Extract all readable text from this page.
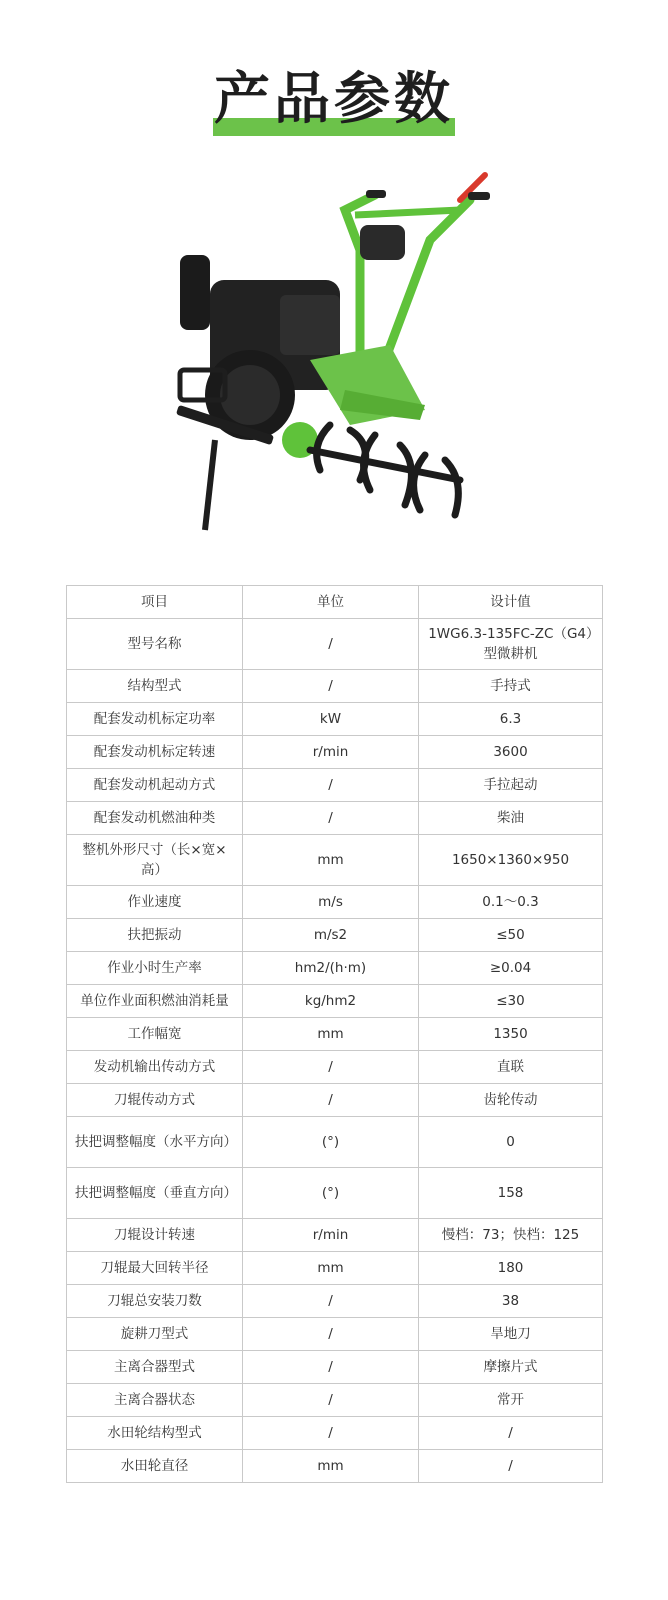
产品参数
项目	单位	设计值
型号名称	/	1WG6.3-135FC-ZC（G4）型微耕机
结构型式	/	手持式
配套发动机标定功率	kW	6.3
配套发动机标定转速	r/min	3600
配套发动机起动方式	/	手拉起动
配套发动机燃油种类	/	柴油
整机外形尺寸（长×宽×高）	mm	1650×1360×950
作业速度	m/s	0.1～0.3
扶把振动	m/s2	≤50
作业小时生产率	hm2/(h·m)	≥0.04
单位作业面积燃油消耗量	kg/hm2	≤30
工作幅宽	mm	1350
发动机输出传动方式	/	直联
刀辊传动方式	/	齿轮传动
扶把调整幅度（水平方向）	(°)	0
扶把调整幅度（垂直方向）	(°)	158
刀辊设计转速	r/min	慢档：73；快档：125
刀辊最大回转半径	mm	180
刀辊总安装刀数	/	38
旋耕刀型式	/	旱地刀
主离合器型式	/	摩擦片式
主离合器状态	/	常开
水田轮结构型式	/	/
水田轮直径	mm	/
